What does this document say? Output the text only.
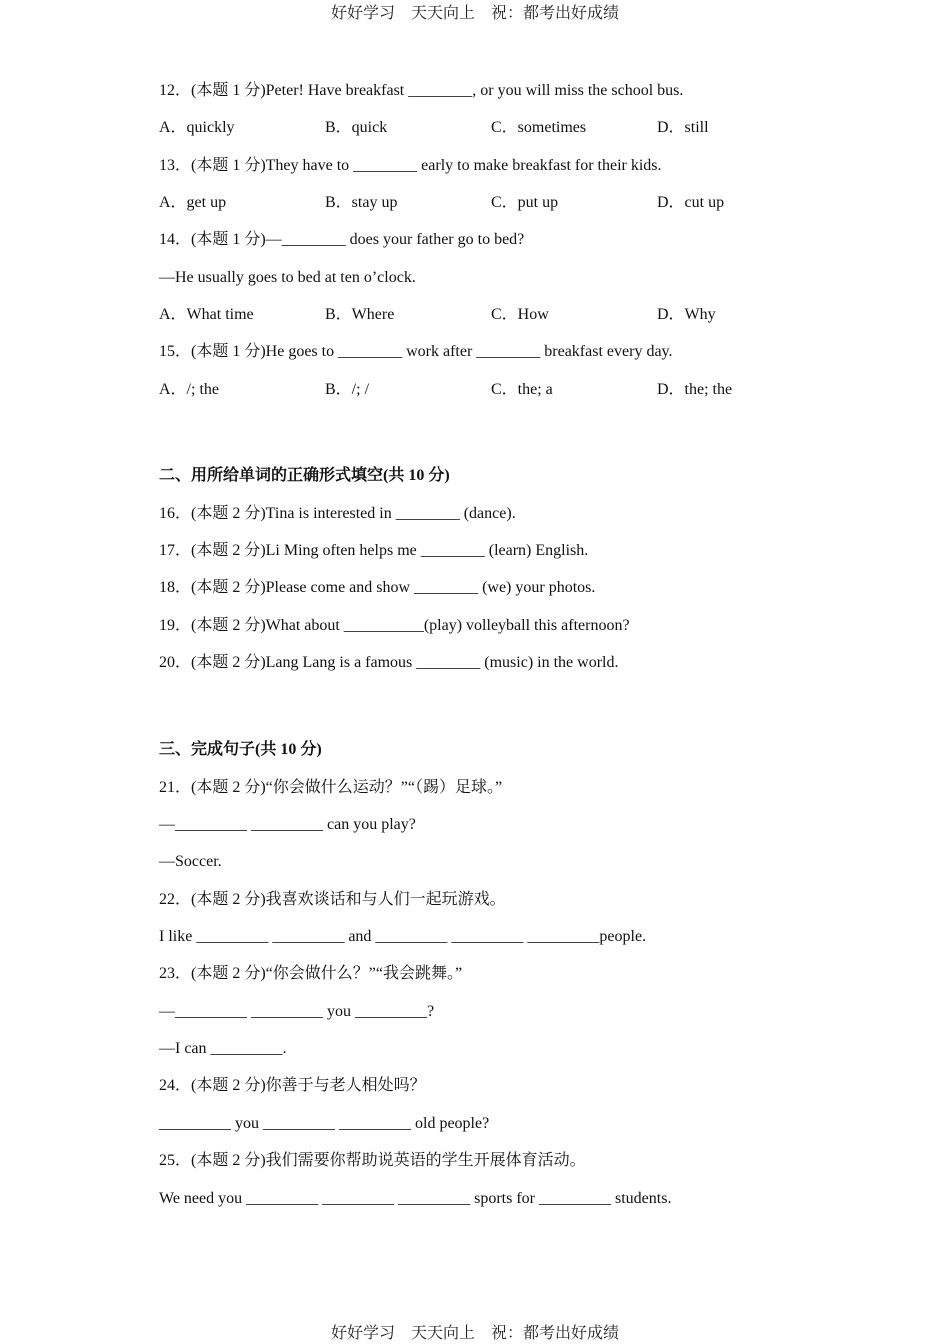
好好学习　天天向上　祝：都考出好成绩
12．(本题 1 分)Peter! Have breakfast ________, or you will miss the school bus.
A．quickly	B．quick	C．sometimes	D．still
13．(本题 1 分)They have to ________ early to make breakfast for their kids.
A．get up	B．stay up	C．put up	D．cut up
14．(本题 1 分)—________ does your father go to bed?
—He usually goes to bed at ten o’clock.
A．What time	B．Where	C．How	D．Why
15．(本题 1 分)He goes to ________ work after ________ breakfast every day.
A．/; the	B．/; /	C．the; a	D．the; the
二、用所给单词的正确形式填空(共 10 分)
16．(本题 2 分)Tina is interested in ________ (dance).
17．(本题 2 分)Li Ming often helps me ________ (learn) English.
18．(本题 2 分)Please come and show ________ (we) your photos.
19．(本题 2 分)What about __________(play) volleyball this afternoon?
20．(本题 2 分)Lang Lang is a famous ________ (music) in the world.
三、完成句子(共 10 分)
21．(本题 2 分)“你会做什么运动？”“（踢）足球。”
—_________ _________ can you play?
—Soccer.
22．(本题 2 分)我喜欢谈话和与人们一起玩游戏。
I like _________ _________ and _________ _________ _________people.
23．(本题 2 分)“你会做什么？”“我会跳舞。”
—_________ _________ you _________?
—I can _________.
24．(本题 2 分)你善于与老人相处吗？
_________ you _________ _________ old people?
25．(本题 2 分)我们需要你帮助说英语的学生开展体育活动。
We need you _________ _________ _________ sports for _________ students.
好好学习　天天向上　祝：都考出好成绩
